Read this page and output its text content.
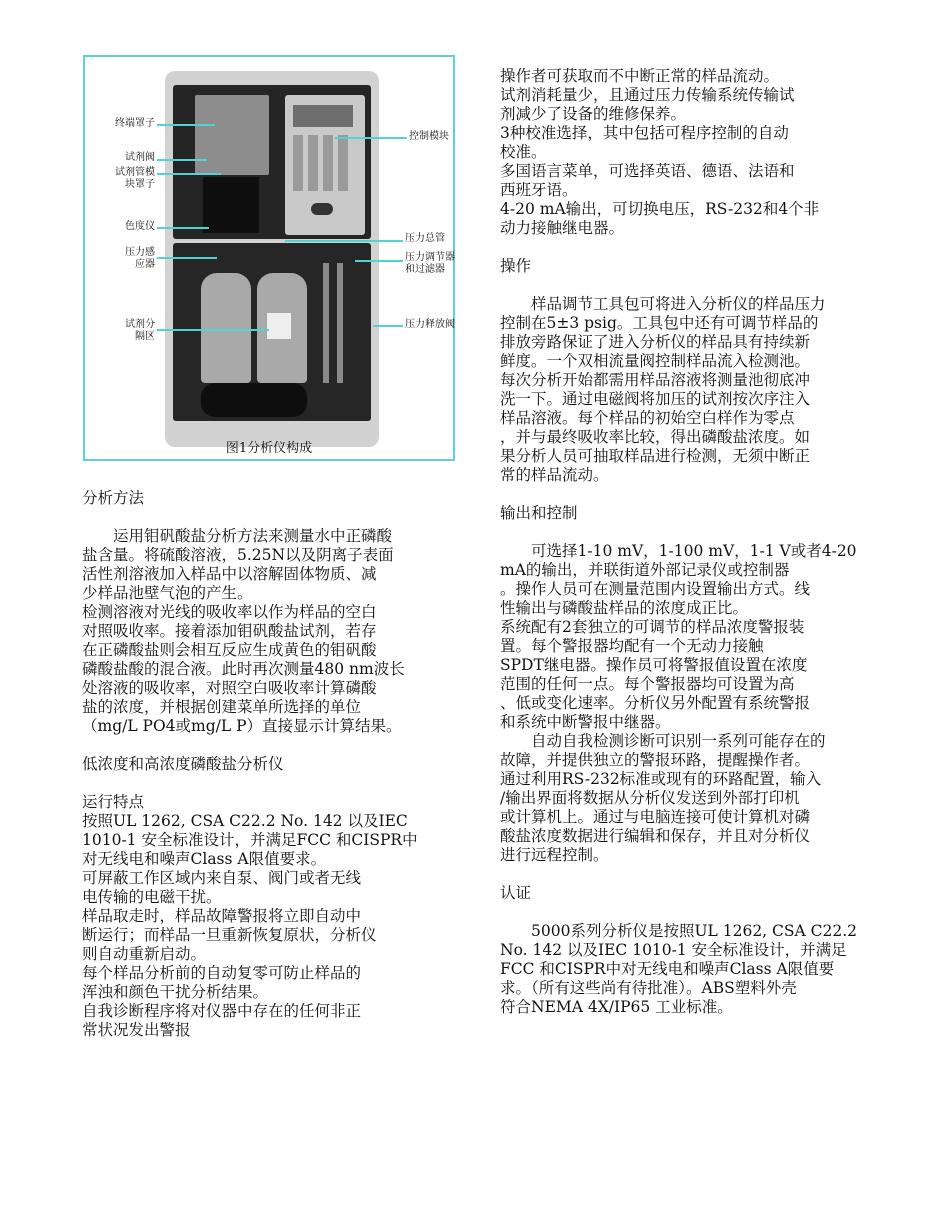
终端罩子
试剂阀
试剂管模
块罩子
色度仪
压力感
应器
试剂分
隔区
控制模块
压力总管
压力调节器
和过滤器
压力释放阀
图1分析仪构成

分析方法

运用钼矾酸盐分析方法来测量水中正磷酸
盐含量。将硫酸溶液，5.25N以及阴离子表面
活性剂溶液加入样品中以溶解固体物质、减
少样品池壁气泡的产生。

检测溶液对光线的吸收率以作为样品的空白
对照吸收率。接着添加钼矾酸盐试剂，若存
在正磷酸盐则会相互反应生成黄色的钼矾酸
磷酸盐酸的混合液。此时再次测量480 nm波长
处溶液的吸收率，对照空白吸收率计算磷酸
盐的浓度，并根据创建菜单所选择的单位
（mg/L PO4或mg/L P）直接显示计算结果。

低浓度和高浓度磷酸盐分析仪

运行特点

按照UL 1262, CSA C22.2 No. 142 以及IEC
1010-1 安全标准设计，并满足FCC 和CISPR中
对无线电和噪声Class A限值要求。

可屏蔽工作区域内来自泵、阀门或者无线
电传输的电磁干扰。

样品取走时，样品故障警报将立即自动中
断运行；而样品一旦重新恢复原状，分析仪
则自动重新启动。

每个样品分析前的自动复零可防止样品的
浑浊和颜色干扰分析结果。

自我诊断程序将对仪器中存在的任何非正
常状况发出警报

操作者可获取而不中断正常的样品流动。

试剂消耗量少，且通过压力传输系统传输试
剂减少了设备的维修保养。

3种校准选择，其中包括可程序控制的自动
校准。

多国语言菜单，可选择英语、德语、法语和
西班牙语。

4-20 mA输出，可切换电压，RS-232和4个非
动力接触继电器。

操作

样品调节工具包可将进入分析仪的样品压力
控制在5±3 psig。工具包中还有可调节样品的
排放旁路保证了进入分析仪的样品具有持续新
鲜度。一个双相流量阀控制样品流入检测池。
每次分析开始都需用样品溶液将测量池彻底冲
洗一下。通过电磁阀将加压的试剂按次序注入
样品溶液。每个样品的初始空白样作为零点
，并与最终吸收率比较，得出磷酸盐浓度。如
果分析人员可抽取样品进行检测，无须中断正
常的样品流动。

输出和控制

可选择1-10 mV，1-100 mV，1-1 V或者4-20
mA的输出，并联街道外部记录仪或控制器
。操作人员可在测量范围内设置输出方式。线
性输出与磷酸盐样品的浓度成正比。

系统配有2套独立的可调节的样品浓度警报装
置。每个警报器均配有一个无动力接触
SPDT继电器。操作员可将警报值设置在浓度
范围的任何一点。每个警报器均可设置为高
、低或变化速率。分析仪另外配置有系统警报
和系统中断警报中继器。

自动自我检测诊断可识别一系列可能存在的
故障，并提供独立的警报环路，提醒操作者。
通过利用RS-232标准或现有的环路配置，输入
/输出界面将数据从分析仪发送到外部打印机
或计算机上。通过与电脑连接可使计算机对磷
酸盐浓度数据进行编辑和保存，并且对分析仪
进行远程控制。

认证

5000系列分析仪是按照UL 1262, CSA C22.2
No. 142 以及IEC 1010-1 安全标准设计，并满足
FCC 和CISPR中对无线电和噪声Class A限值要
求。（所有这些尚有待批准）。ABS塑料外壳
符合NEMA 4X/IP65 工业标准。
